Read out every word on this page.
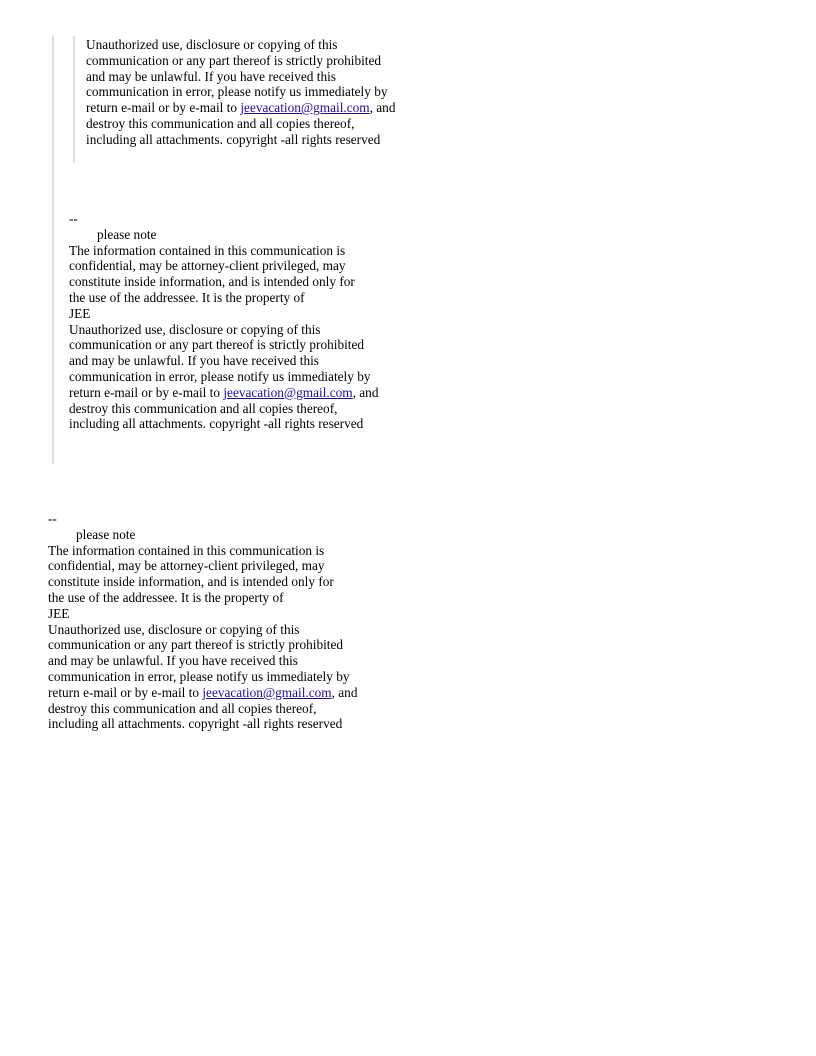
Unauthorized use, disclosure or copying of this
communication or any part thereof is strictly prohibited
and may be unlawful. If you have received this
communication in error, please notify us immediately by
return e-mail or by e-mail to jeevacation@gmail.com, and
destroy this communication and all copies thereof,
including all attachments. copyright -all rights reserved
--
please note
The information contained in this communication is
confidential, may be attorney-client privileged, may
constitute inside information, and is intended only for
the use of the addressee. It is the property of
JEE
Unauthorized use, disclosure or copying of this
communication or any part thereof is strictly prohibited
and may be unlawful. If you have received this
communication in error, please notify us immediately by
return e-mail or by e-mail to jeevacation@gmail.com, and
destroy this communication and all copies thereof,
including all attachments. copyright -all rights reserved
--
please note
The information contained in this communication is
confidential, may be attorney-client privileged, may
constitute inside information, and is intended only for
the use of the addressee. It is the property of
JEE
Unauthorized use, disclosure or copying of this
communication or any part thereof is strictly prohibited
and may be unlawful. If you have received this
communication in error, please notify us immediately by
return e-mail or by e-mail to jeevacation@gmail.com, and
destroy this communication and all copies thereof,
including all attachments. copyright -all rights reserved
